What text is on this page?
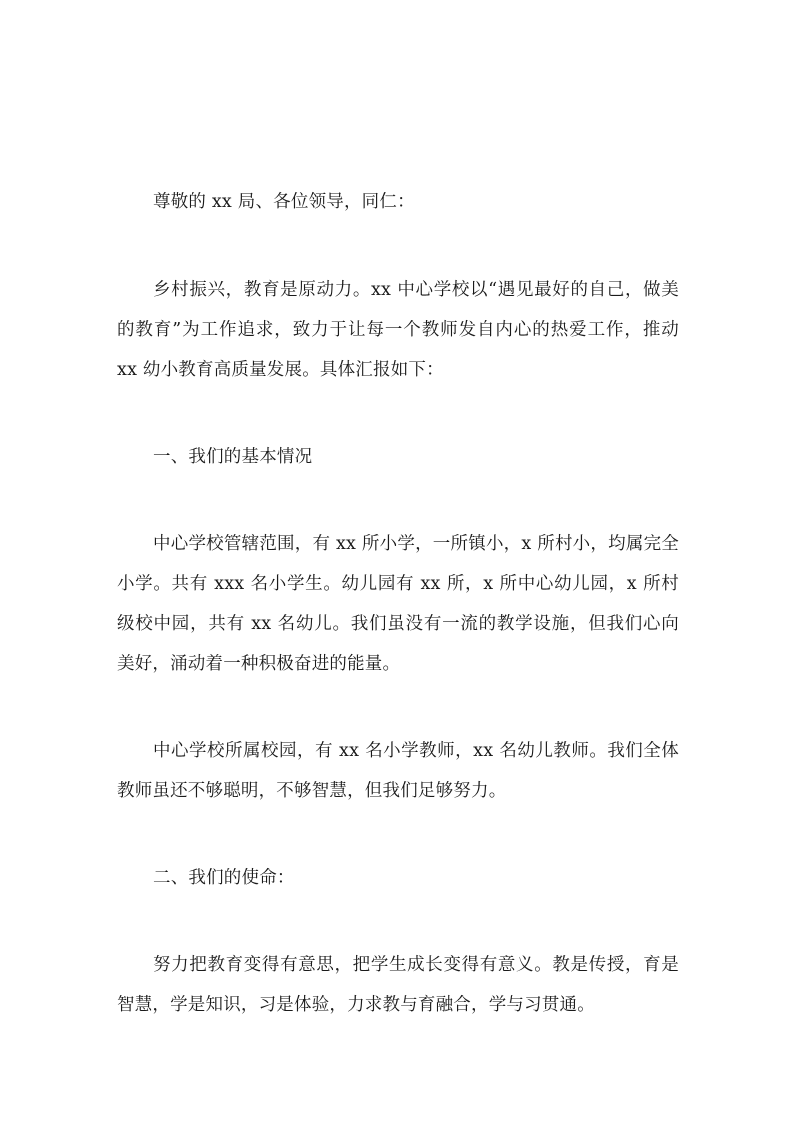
尊敬的 xx 局、各位领导，同仁：

乡村振兴，教育是原动力。xx 中心学校以“遇见最好的自己，做美的教育”为工作追求，致力于让每一个教师发自内心的热爱工作，推动 xx 幼小教育高质量发展。具体汇报如下：

一、我们的基本情况

中心学校管辖范围，有 xx 所小学，一所镇小，x 所村小，均属完全小学。共有 xxx 名小学生。幼儿园有 xx 所，x 所中心幼儿园，x 所村级校中园，共有 xx 名幼儿。我们虽没有一流的教学设施，但我们心向美好，涌动着一种积极奋进的能量。

中心学校所属校园，有 xx 名小学教师，xx 名幼儿教师。我们全体教师虽还不够聪明，不够智慧，但我们足够努力。

二、我们的使命：

努力把教育变得有意思，把学生成长变得有意义。教是传授，育是智慧，学是知识，习是体验，力求教与育融合，学与习贯通。
